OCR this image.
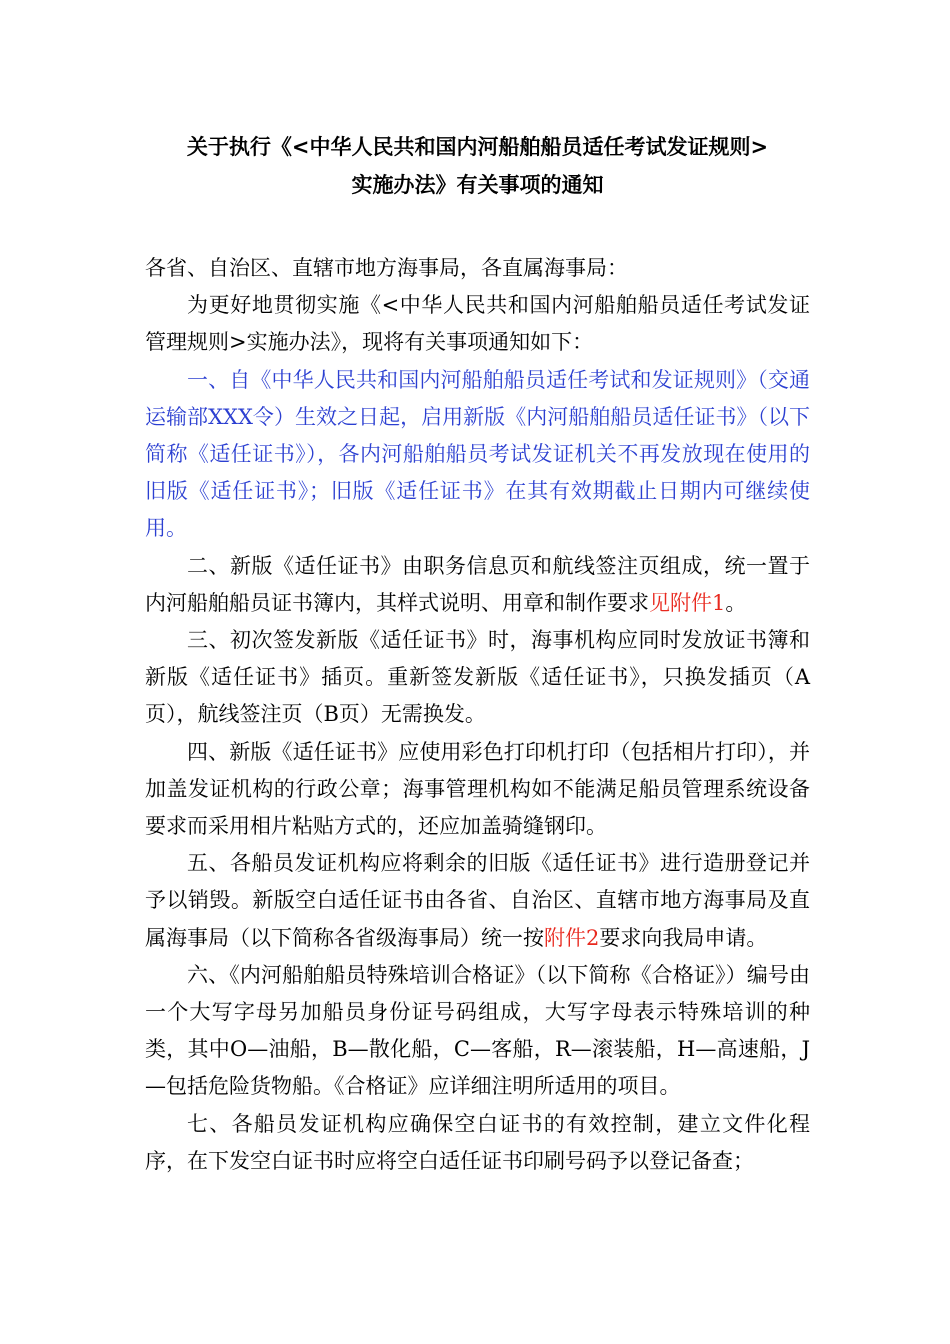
关于执行《<中华人民共和国内河船舶船员适任考试发证规则>

实施办法》有关事项的通知

各省、自治区、直辖市地方海事局，各直属海事局：

为更好地贯彻实施《<中华人民共和国内河船舶船员适任考试发证管理规则>实施办法》，现将有关事项通知如下：

一、自《中华人民共和国内河船舶船员适任考试和发证规则》（交通运输部XXX令）生效之日起，启用新版《内河船舶船员适任证书》（以下简称《适任证书》），各内河船舶船员考试发证机关不再发放现在使用的旧版《适任证书》；旧版《适任证书》在其有效期截止日期内可继续使用。

二、新版《适任证书》由职务信息页和航线签注页组成，统一置于内河船舶船员证书簿内，其样式说明、用章和制作要求见附件1。

三、初次签发新版《适任证书》时，海事机构应同时发放证书簿和新版《适任证书》插页。重新签发新版《适任证书》，只换发插页（A页），航线签注页（B页）无需换发。

四、新版《适任证书》应使用彩色打印机打印（包括相片打印），并加盖发证机构的行政公章；海事管理机构如不能满足船员管理系统设备要求而采用相片粘贴方式的，还应加盖骑缝钢印。

五、各船员发证机构应将剩余的旧版《适任证书》进行造册登记并予以销毁。新版空白适任证书由各省、自治区、直辖市地方海事局及直属海事局（以下简称各省级海事局）统一按附件2要求向我局申请。

六、《内河船舶船员特殊培训合格证》（以下简称《合格证》）编号由一个大写字母另加船员身份证号码组成，大写字母表示特殊培训的种类，其中O—油船，B—散化船，C—客船，R—滚装船，H—高速船，J—包括危险货物船。《合格证》应详细注明所适用的项目。

七、各船员发证机构应确保空白证书的有效控制，建立文件化程序，在下发空白证书时应将空白适任证书印刷号码予以登记备查；
